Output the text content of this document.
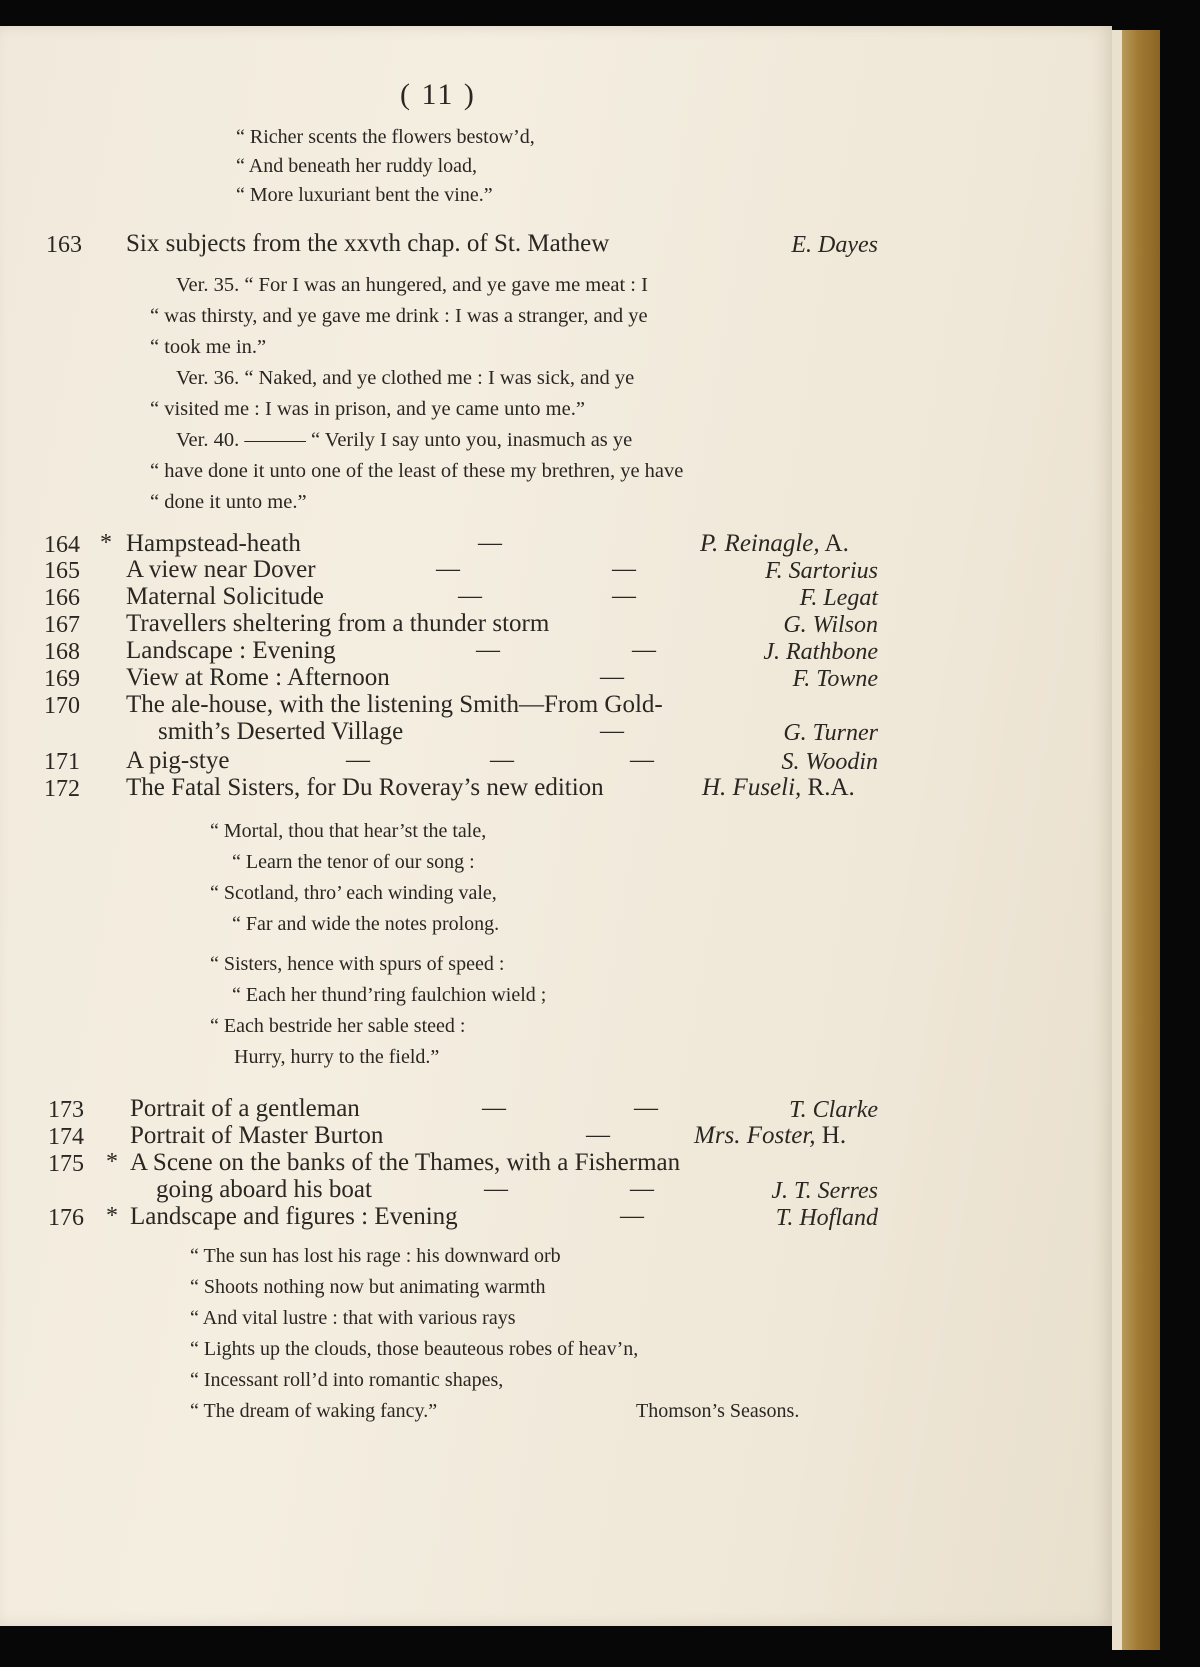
( 11 )
“ Richer scents the flowers bestow’d,
“ And beneath her ruddy load,
“ More luxuriant bent the vine.”
163 Six subjects from the xxvth chap. of St. Mathew	E. Dayes
Ver. 35. “ For I was an hungered, and ye gave me meat : I
“ was thirsty, and ye gave me drink : I was a stranger, and ye
“ took me in.”
Ver. 36. “ Naked, and ye clothed me : I was sick, and ye
“ visited me : I was in prison, and ye came unto me.”
Ver. 40. ——— “ Verily I say unto you, inasmuch as ye
“ have done it unto one of the least of these my brethren, ye have
“ done it unto me.”
164 * Hampstead-heath	—	P. Reinagle, A.
165 A view near Dover	—	—	F. Sartorius
166 Maternal Solicitude	—	—	F. Legat
167 Travellers sheltering from a thunder storm	G. Wilson
168 Landscape : Evening	—	—	J. Rathbone
169 View at Rome : Afternoon	—	F. Towne
170 The ale-house, with the listening Smith—From Gold-
smith’s Deserted Village	—	G. Turner
171 A pig-stye	—	—	—	S. Woodin
172 The Fatal Sisters, for Du Roveray’s new edition	H. Fuseli, R.A.
“ Mortal, thou that hear’st the tale,
“ Learn the tenor of our song :
“ Scotland, thro’ each winding vale,
“ Far and wide the notes prolong.
“ Sisters, hence with spurs of speed :
“ Each her thund’ring faulchion wield ;
“ Each bestride her sable steed :
Hurry, hurry to the field.”
173 Portrait of a gentleman	—	—	T. Clarke
174 Portrait of Master Burton	—	Mrs. Foster, H.
175 * A Scene on the banks of the Thames, with a Fisherman
going aboard his boat	—	—	J. T. Serres
176 * Landscape and figures : Evening	—	T. Hofland
“ The sun has lost his rage : his downward orb
“ Shoots nothing now but animating warmth
“ And vital lustre : that with various rays
“ Lights up the clouds, those beauteous robes of heav’n,
“ Incessant roll’d into romantic shapes,
“ The dream of waking fancy.”	Thomson’s Seasons.
